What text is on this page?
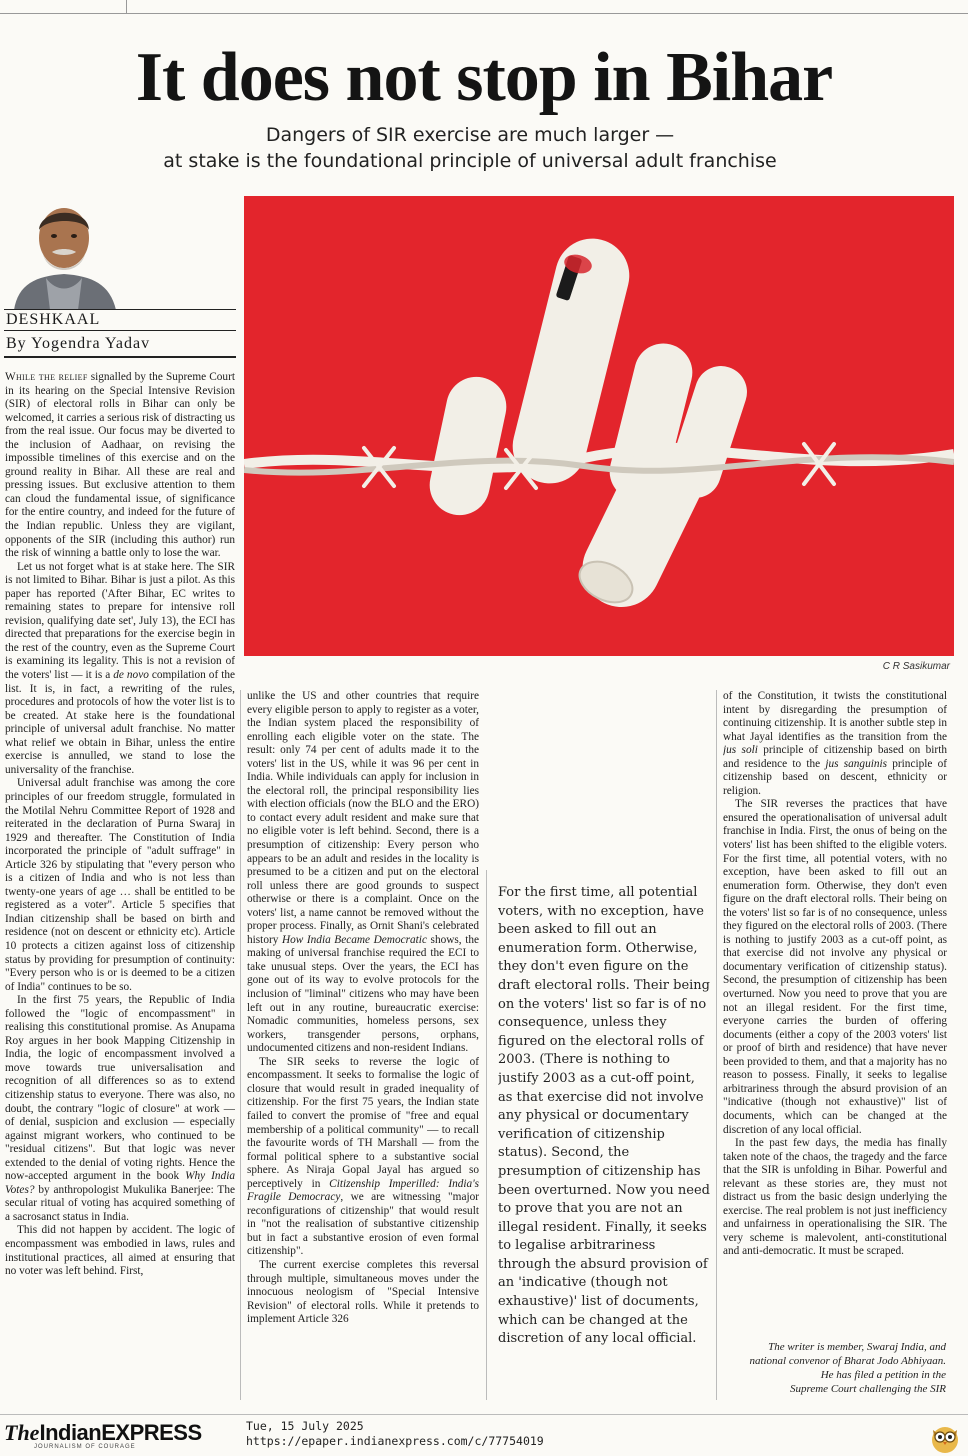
It does not stop in Bihar
Dangers of SIR exercise are much larger —
at stake is the foundational principle of universal adult franchise
DESHKAAL
By Yogendra Yadav
C R Sasikumar

While the relief signalled by the Supreme Court in its hearing on the Special Intensive Revision (SIR) of electoral rolls in Bihar can only be welcomed, it carries a serious risk of distracting us from the real issue. Our focus may be diverted to the inclusion of Aadhaar, on revising the impossible timelines of this exercise and on the ground reality in Bihar. All these are real and pressing issues. But exclusive attention to them can cloud the fundamental issue, of significance for the entire country, and indeed for the future of the Indian republic. Unless they are vigilant, opponents of the SIR (including this author) run the risk of winning a battle only to lose the war.

Let us not forget what is at stake here. The SIR is not limited to Bihar. Bihar is just a pilot. As this paper has reported ('After Bihar, EC writes to remaining states to prepare for intensive roll revision, qualifying date set', July 13), the ECI has directed that preparations for the exercise begin in the rest of the country, even as the Supreme Court is examining its legality. This is not a revision of the voters' list — it is a de novo compilation of the list. It is, in fact, a rewriting of the rules, procedures and protocols of how the voter list is to be created. At stake here is the foundational principle of universal adult franchise. No matter what relief we obtain in Bihar, unless the entire exercise is annulled, we stand to lose the universality of the franchise.

Universal adult franchise was among the core principles of our freedom struggle, formulated in the Motilal Nehru Committee Report of 1928 and reiterated in the declaration of Purna Swaraj in 1929 and thereafter. The Constitution of India incorporated the principle of "adult suffrage" in Article 326 by stipulating that "every person who is a citizen of India and who is not less than twenty-one years of age … shall be entitled to be registered as a voter". Article 5 specifies that Indian citizenship shall be based on birth and residence (not on descent or ethnicity etc). Article 10 protects a citizen against loss of citizenship status by providing for presumption of continuity: "Every person who is or is deemed to be a citizen of India" continues to be so.

In the first 75 years, the Republic of India followed the "logic of encompassment" in realising this constitutional promise. As Anupama Roy argues in her book Mapping Citizenship in India, the logic of encompassment involved a move towards true universalisation and recognition of all differences so as to extend citizenship status to everyone. There was also, no doubt, the contrary "logic of closure" at work — of denial, suspicion and exclusion — especially against migrant workers, who continued to be "residual citizens". But that logic was never extended to the denial of voting rights. Hence the now-accepted argument in the book Why India Votes? by anthropologist Mukulika Banerjee: The secular ritual of voting has acquired something of a sacrosanct status in India.

This did not happen by accident. The logic of encompassment was embodied in laws, rules and institutional practices, all aimed at ensuring that no voter was left behind. First,

unlike the US and other countries that require every eligible person to apply to register as a voter, the Indian system placed the responsibility of enrolling each eligible voter on the state. The result: only 74 per cent of adults made it to the voters' list in the US, while it was 96 per cent in India. While individuals can apply for inclusion in the electoral roll, the principal responsibility lies with election officials (now the BLO and the ERO) to contact every adult resident and make sure that no eligible voter is left behind. Second, there is a presumption of citizenship: Every person who appears to be an adult and resides in the locality is presumed to be a citizen and put on the electoral roll unless there are good grounds to suspect otherwise or there is a complaint. Once on the voters' list, a name cannot be removed without the proper process. Finally, as Ornit Shani's celebrated history How India Became Democratic shows, the making of universal franchise required the ECI to take unusual steps. Over the years, the ECI has gone out of its way to evolve protocols for the inclusion of "liminal" citizens who may have been left out in any routine, bureaucratic exercise: Nomadic communities, homeless persons, sex workers, transgender persons, orphans, undocumented citizens and non-resident Indians.

The SIR seeks to reverse the logic of encompassment. It seeks to formalise the logic of closure that would result in graded inequality of citizenship. For the first 75 years, the Indian state failed to convert the promise of "free and equal membership of a political community" — to recall the favourite words of TH Marshall — from the formal political sphere to a substantive social sphere. As Niraja Gopal Jayal has argued so perceptively in Citizenship Imperilled: India's Fragile Democracy, we are witnessing "major reconfigurations of citizenship" that would result in "not the realisation of substantive citizenship but in fact a substantive erosion of even formal citizenship".

The current exercise completes this reversal through multiple, simultaneous moves under the innocuous neologism of "Special Intensive Revision" of electoral rolls. While it pretends to implement Article 326

For the first time, all potential voters, with no exception, have been asked to fill out an enumeration form. Otherwise, they don't even figure on the draft electoral rolls. Their being on the voters' list so far is of no consequence, unless they figured on the electoral rolls of 2003. (There is nothing to justify 2003 as a cut-off point, as that exercise did not involve any physical or documentary verification of citizenship status). Second, the presumption of citizenship has been overturned. Now you need to prove that you are not an illegal resident. Finally, it seeks to legalise arbitrariness through the absurd provision of an 'indicative (though not exhaustive)' list of documents, which can be changed at the discretion of any local official.

of the Constitution, it twists the constitutional intent by disregarding the presumption of continuing citizenship. It is another subtle step in what Jayal identifies as the transition from the jus soli principle of citizenship based on birth and residence to the jus sanguinis principle of citizenship based on descent, ethnicity or religion.

The SIR reverses the practices that have ensured the operationalisation of universal adult franchise in India. First, the onus of being on the voters' list has been shifted to the eligible voters. For the first time, all potential voters, with no exception, have been asked to fill out an enumeration form. Otherwise, they don't even figure on the draft electoral rolls. Their being on the voters' list so far is of no consequence, unless they figured on the electoral rolls of 2003. (There is nothing to justify 2003 as a cut-off point, as that exercise did not involve any physical or documentary verification of citizenship status). Second, the presumption of citizenship has been overturned. Now you need to prove that you are not an illegal resident. For the first time, everyone carries the burden of offering documents (either a copy of the 2003 voters' list or proof of birth and residence) that have never been provided to them, and that a majority has no reason to possess. Finally, it seeks to legalise arbitrariness through the absurd provision of an "indicative (though not exhaustive)" list of documents, which can be changed at the discretion of any local official.

In the past few days, the media has finally taken note of the chaos, the tragedy and the farce that the SIR is unfolding in Bihar. Powerful and relevant as these stories are, they must not distract us from the basic design underlying the exercise. The real problem is not just inefficiency and unfairness in operationalising the SIR. The very scheme is malevolent, anti-constitutional and anti-democratic. It must be scraped.

The writer is member, Swaraj India, and
national convenor of Bharat Jodo Abhiyaan.
He has filed a petition in the
Supreme Court challenging the SIR
TheIndianEXPRESS
JOURNALISM OF COURAGE
Tue, 15 July 2025
https://epaper.indianexpress.com/c/77754019
